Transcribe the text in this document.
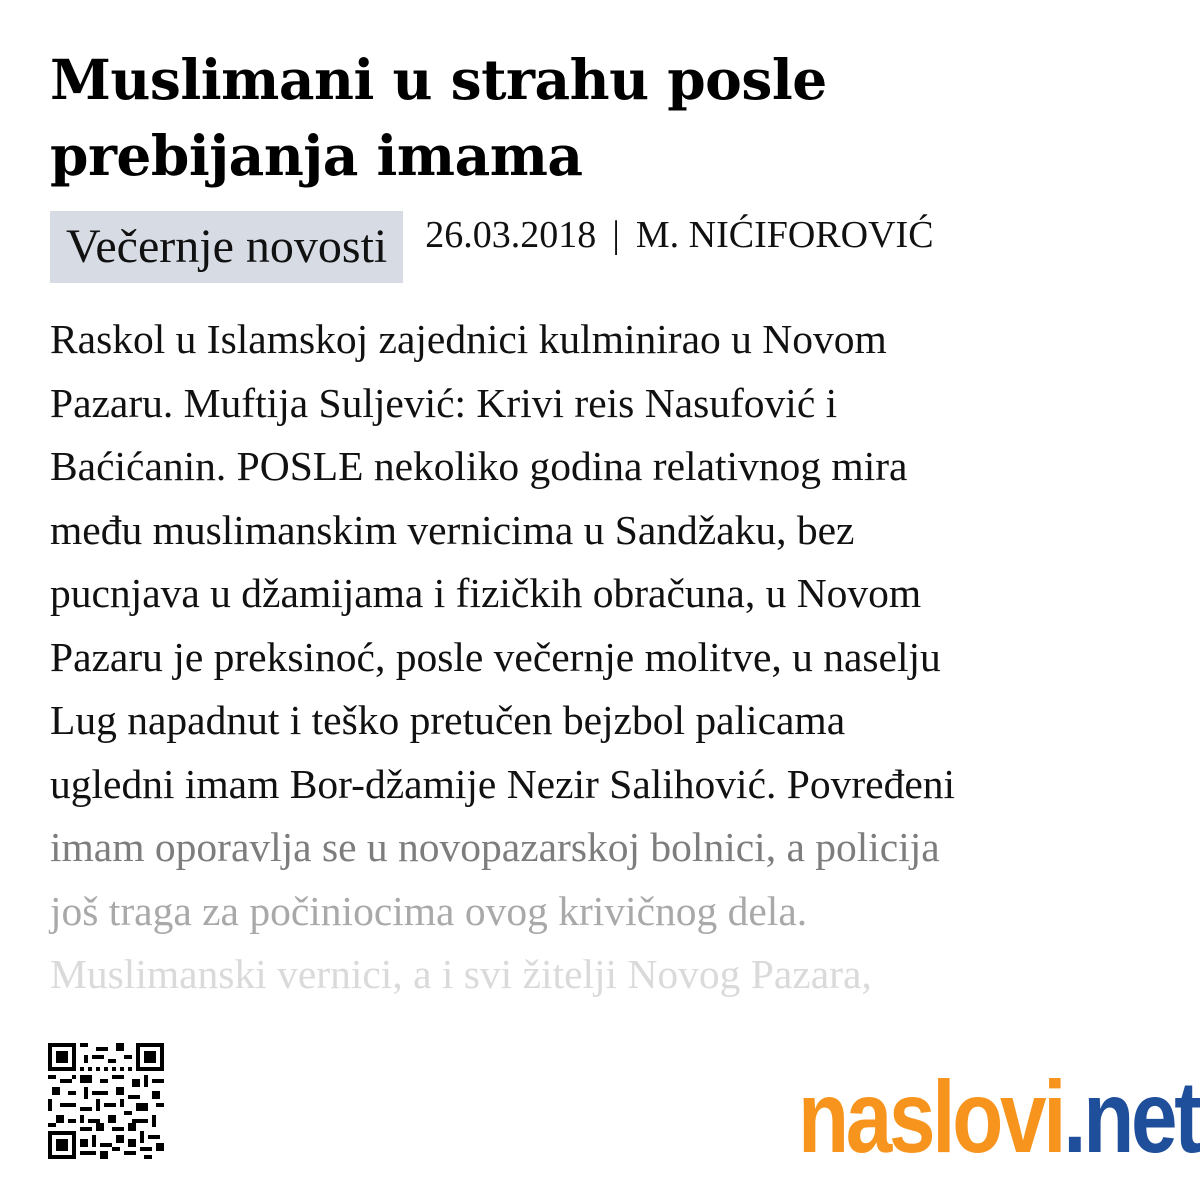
Muslimani u strahu posle prebijanja imama
Večernje novosti	26.03.2018 | M. NIĆIFOROVIĆ
Raskol u Islamskoj zajednici kulminirao u Novom
Pazaru. Muftija Suljević: Krivi reis Nasufović i
Baćićanin. POSLE nekoliko godina relativnog mira
među muslimanskim vernicima u Sandžaku, bez
pucnjava u džamijama i fizičkih obračuna, u Novom
Pazaru je preksinoć, posle večernje molitve, u naselju
Lug napadnut i teško pretučen bejzbol palicama
ugledni imam Bor-džamije Nezir Salihović. Povređeni
imam oporavlja se u novopazarskoj bolnici, a policija
još traga za počiniocima ovog krivičnog dela.
Muslimanski vernici, a i svi žitelji Novog Pazara,
naslovi.net
